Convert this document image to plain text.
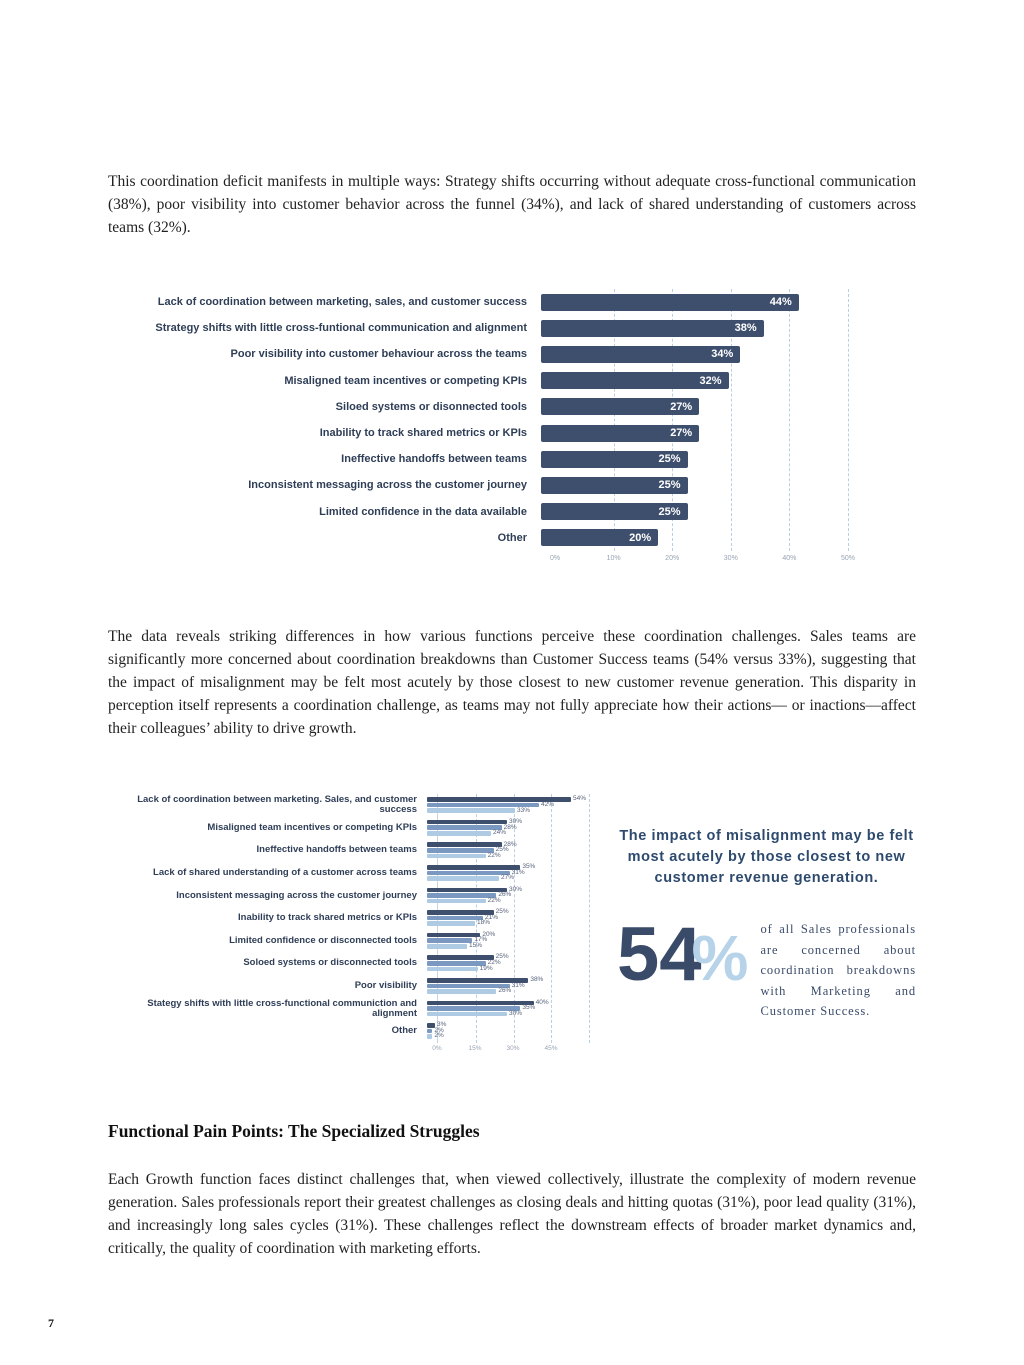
This coordination deficit manifests in multiple ways: Strategy shifts occurring without adequate cross-functional communication (38%), poor visibility into customer behavior across the funnel (34%), and lack of shared understanding of customers across teams (32%).

Lack of coordination between marketing, sales, and customer success	44%
Strategy shifts with little cross-funtional communication and alignment	38%
Poor visibility into customer behaviour across the teams	34%
Misaligned team incentives or competing KPIs	32%
Siloed systems or disonnected tools	27%
Inability to track shared metrics or KPIs	27%
Ineffective handoffs between teams	25%
Inconsistent messaging across the customer journey	25%
Limited confidence in the data available	25%
Other	20%
0%	10%	20%	30%	40%	50%

The data reveals striking differences in how various functions perceive these coordination challenges. Sales teams are significantly more concerned about coordination breakdowns than Customer Success teams (54% versus 33%), suggesting that the impact of misalignment may be felt most acutely by those closest to new customer revenue generation. This disparity in perception itself represents a coordination challenge, as teams may not fully appreciate how their actions— or inactions—affect their colleagues’ ability to drive growth.

Lack of coordination between marketing. Sales, and customer success
54%
42%
33%
Misaligned team incentives or competing KPIs
30%
28%
24%
Ineffective handoffs between teams
28%
25%
22%
Lack of shared understanding of a customer across teams
35%
31%
27%
Inconsistent messaging across the customer journey
30%
26%
22%
Inability to track shared metrics or KPIs
25%
21%
18%
Limited confidence or disconnected tools
20%
17%
15%
Soloed systems or disconnected tools
25%
22%
19%
Poor visibility
38%
31%
26%
Stategy shifts with little cross-functional communiction and alignment
40%
35%
30%
Other
3%
2%
2%
0%	15%	30%	45%

The impact of misalignment may be felt most acutely by those closest to new customer revenue generation.

54% of all Sales professionals are concerned about coordination breakdowns with Marketing and Customer Success.

Functional Pain Points: The Specialized Struggles

Each Growth function faces distinct challenges that, when viewed collectively, illustrate the complexity of modern revenue generation. Sales professionals report their greatest challenges as closing deals and hitting quotas (31%), poor lead quality (31%), and increasingly long sales cycles (31%). These challenges reflect the downstream effects of broader market dynamics and, critically, the quality of coordination with marketing efforts.

7
